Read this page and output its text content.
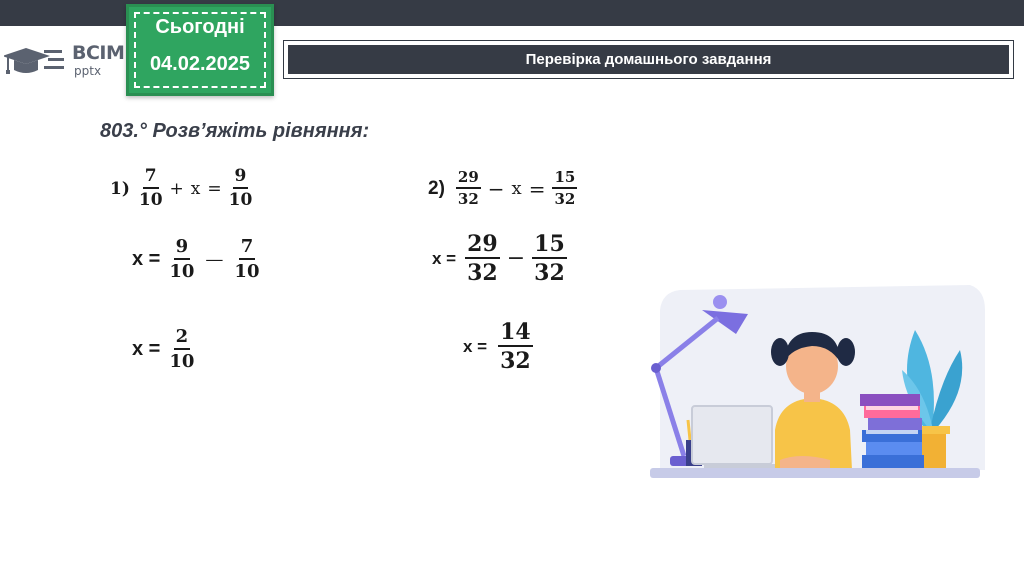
ВСІМ
pptx
Сьогодні
04.02.2025	Перевірка домашнього завдання
803.° Розв’яжіть рівняння:
$1) \frac{7}{10} + x = \frac{9}{10}$
$x = \frac{9}{10}$ — $\frac{7}{10}$
$x = \frac{2}{10}$
$2) \frac{29}{32} - x = \frac{15}{32}$
$x = \frac{29}{32} - \frac{15}{32}$
$x = \frac{14}{32}$
